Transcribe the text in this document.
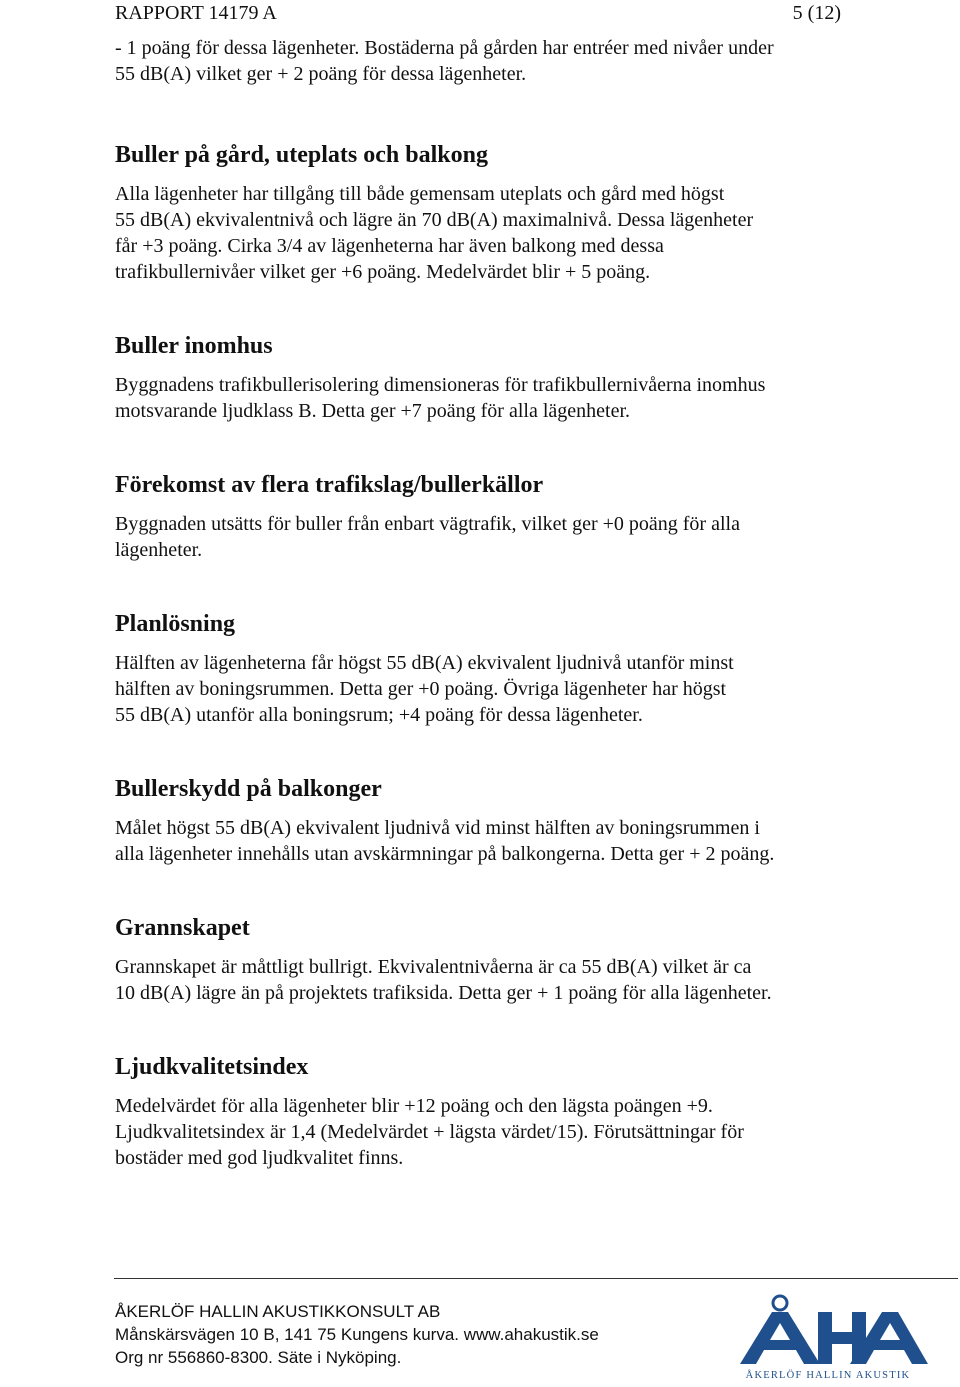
RAPPORT 14179 A	5 (12)

- 1 poäng för dessa lägenheter. Bostäderna på gården har entréer med nivåer under
55 dB(A) vilket ger + 2 poäng för dessa lägenheter.

Buller på gård, uteplats och balkong

Alla lägenheter har tillgång till både gemensam uteplats och gård med högst
55 dB(A) ekvivalentnivå och lägre än 70 dB(A) maximalnivå. Dessa lägenheter
får +3 poäng. Cirka 3/4 av lägenheterna har även balkong med dessa
trafikbullernivåer vilket ger +6 poäng. Medelvärdet blir + 5 poäng.

Buller inomhus

Byggnadens trafikbullerisolering dimensioneras för trafikbullernivåerna inomhus
motsvarande ljudklass B. Detta ger +7 poäng för alla lägenheter.

Förekomst av flera trafikslag/bullerkällor

Byggnaden utsätts för buller från enbart vägtrafik, vilket ger +0 poäng för alla
lägenheter.

Planlösning

Hälften av lägenheterna får högst 55 dB(A) ekvivalent ljudnivå utanför minst
hälften av boningsrummen. Detta ger +0 poäng. Övriga lägenheter har högst
55 dB(A) utanför alla boningsrum; +4 poäng för dessa lägenheter.

Bullerskydd på balkonger

Målet högst 55 dB(A) ekvivalent ljudnivå vid minst hälften av boningsrummen i
alla lägenheter innehålls utan avskärmningar på balkongerna. Detta ger + 2 poäng.

Grannskapet

Grannskapet är måttligt bullrigt. Ekvivalentnivåerna är ca 55 dB(A) vilket är ca
10 dB(A) lägre än på projektets trafiksida. Detta ger + 1 poäng för alla lägenheter.

Ljudkvalitetsindex

Medelvärdet för alla lägenheter blir +12 poäng och den lägsta poängen +9.
Ljudkvalitetsindex är 1,4 (Medelvärdet + lägsta värdet/15). Förutsättningar för
bostäder med god ljudkvalitet finns.

ÅKERLÖF HALLIN AKUSTIKKONSULT AB
Månskärsvägen 10 B, 141 75 Kungens kurva. www.ahakustik.se
Org nr 556860-8300. Säte i Nyköping.
ÅKERLÖF HALLIN AKUSTIK
